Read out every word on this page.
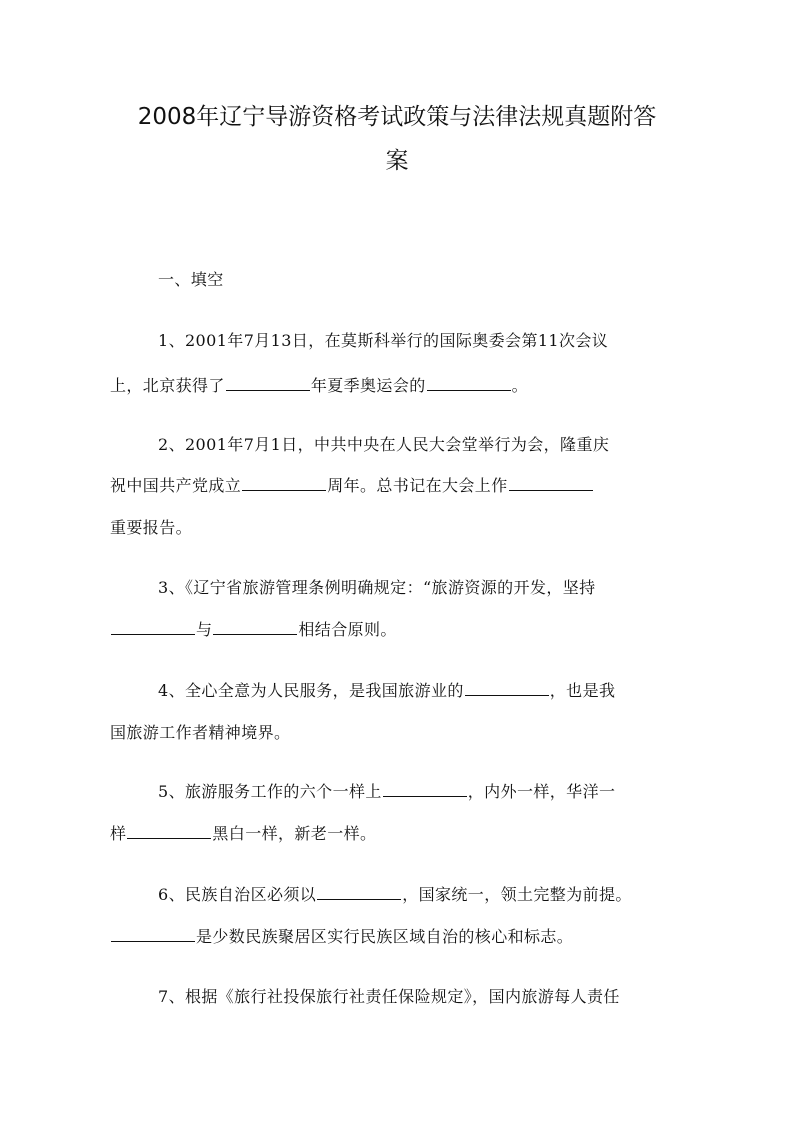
2008年辽宁导游资格考试政策与法律法规真题附答
案
一、填空
1、2001年7月13日，在莫斯科举行的国际奥委会第11次会议
上，北京获得了	年夏季奥运会的	。
2、2001年7月1日，中共中央在人民大会堂举行为会，隆重庆
祝中国共产党成立	周年。总书记在大会上作
重要报告。
3、《辽宁省旅游管理条例明确规定：“旅游资源的开发，坚持
与	相结合原则。
4、全心全意为人民服务，是我国旅游业的	，也是我
国旅游工作者精神境界。
5、旅游服务工作的六个一样上	，内外一样，华洋一
样	黑白一样，新老一样。
6、民族自治区必须以	，国家统一，领土完整为前提。
是少数民族聚居区实行民族区域自治的核心和标志。
7、根据《旅行社投保旅行社责任保险规定》，国内旅游每人责任
